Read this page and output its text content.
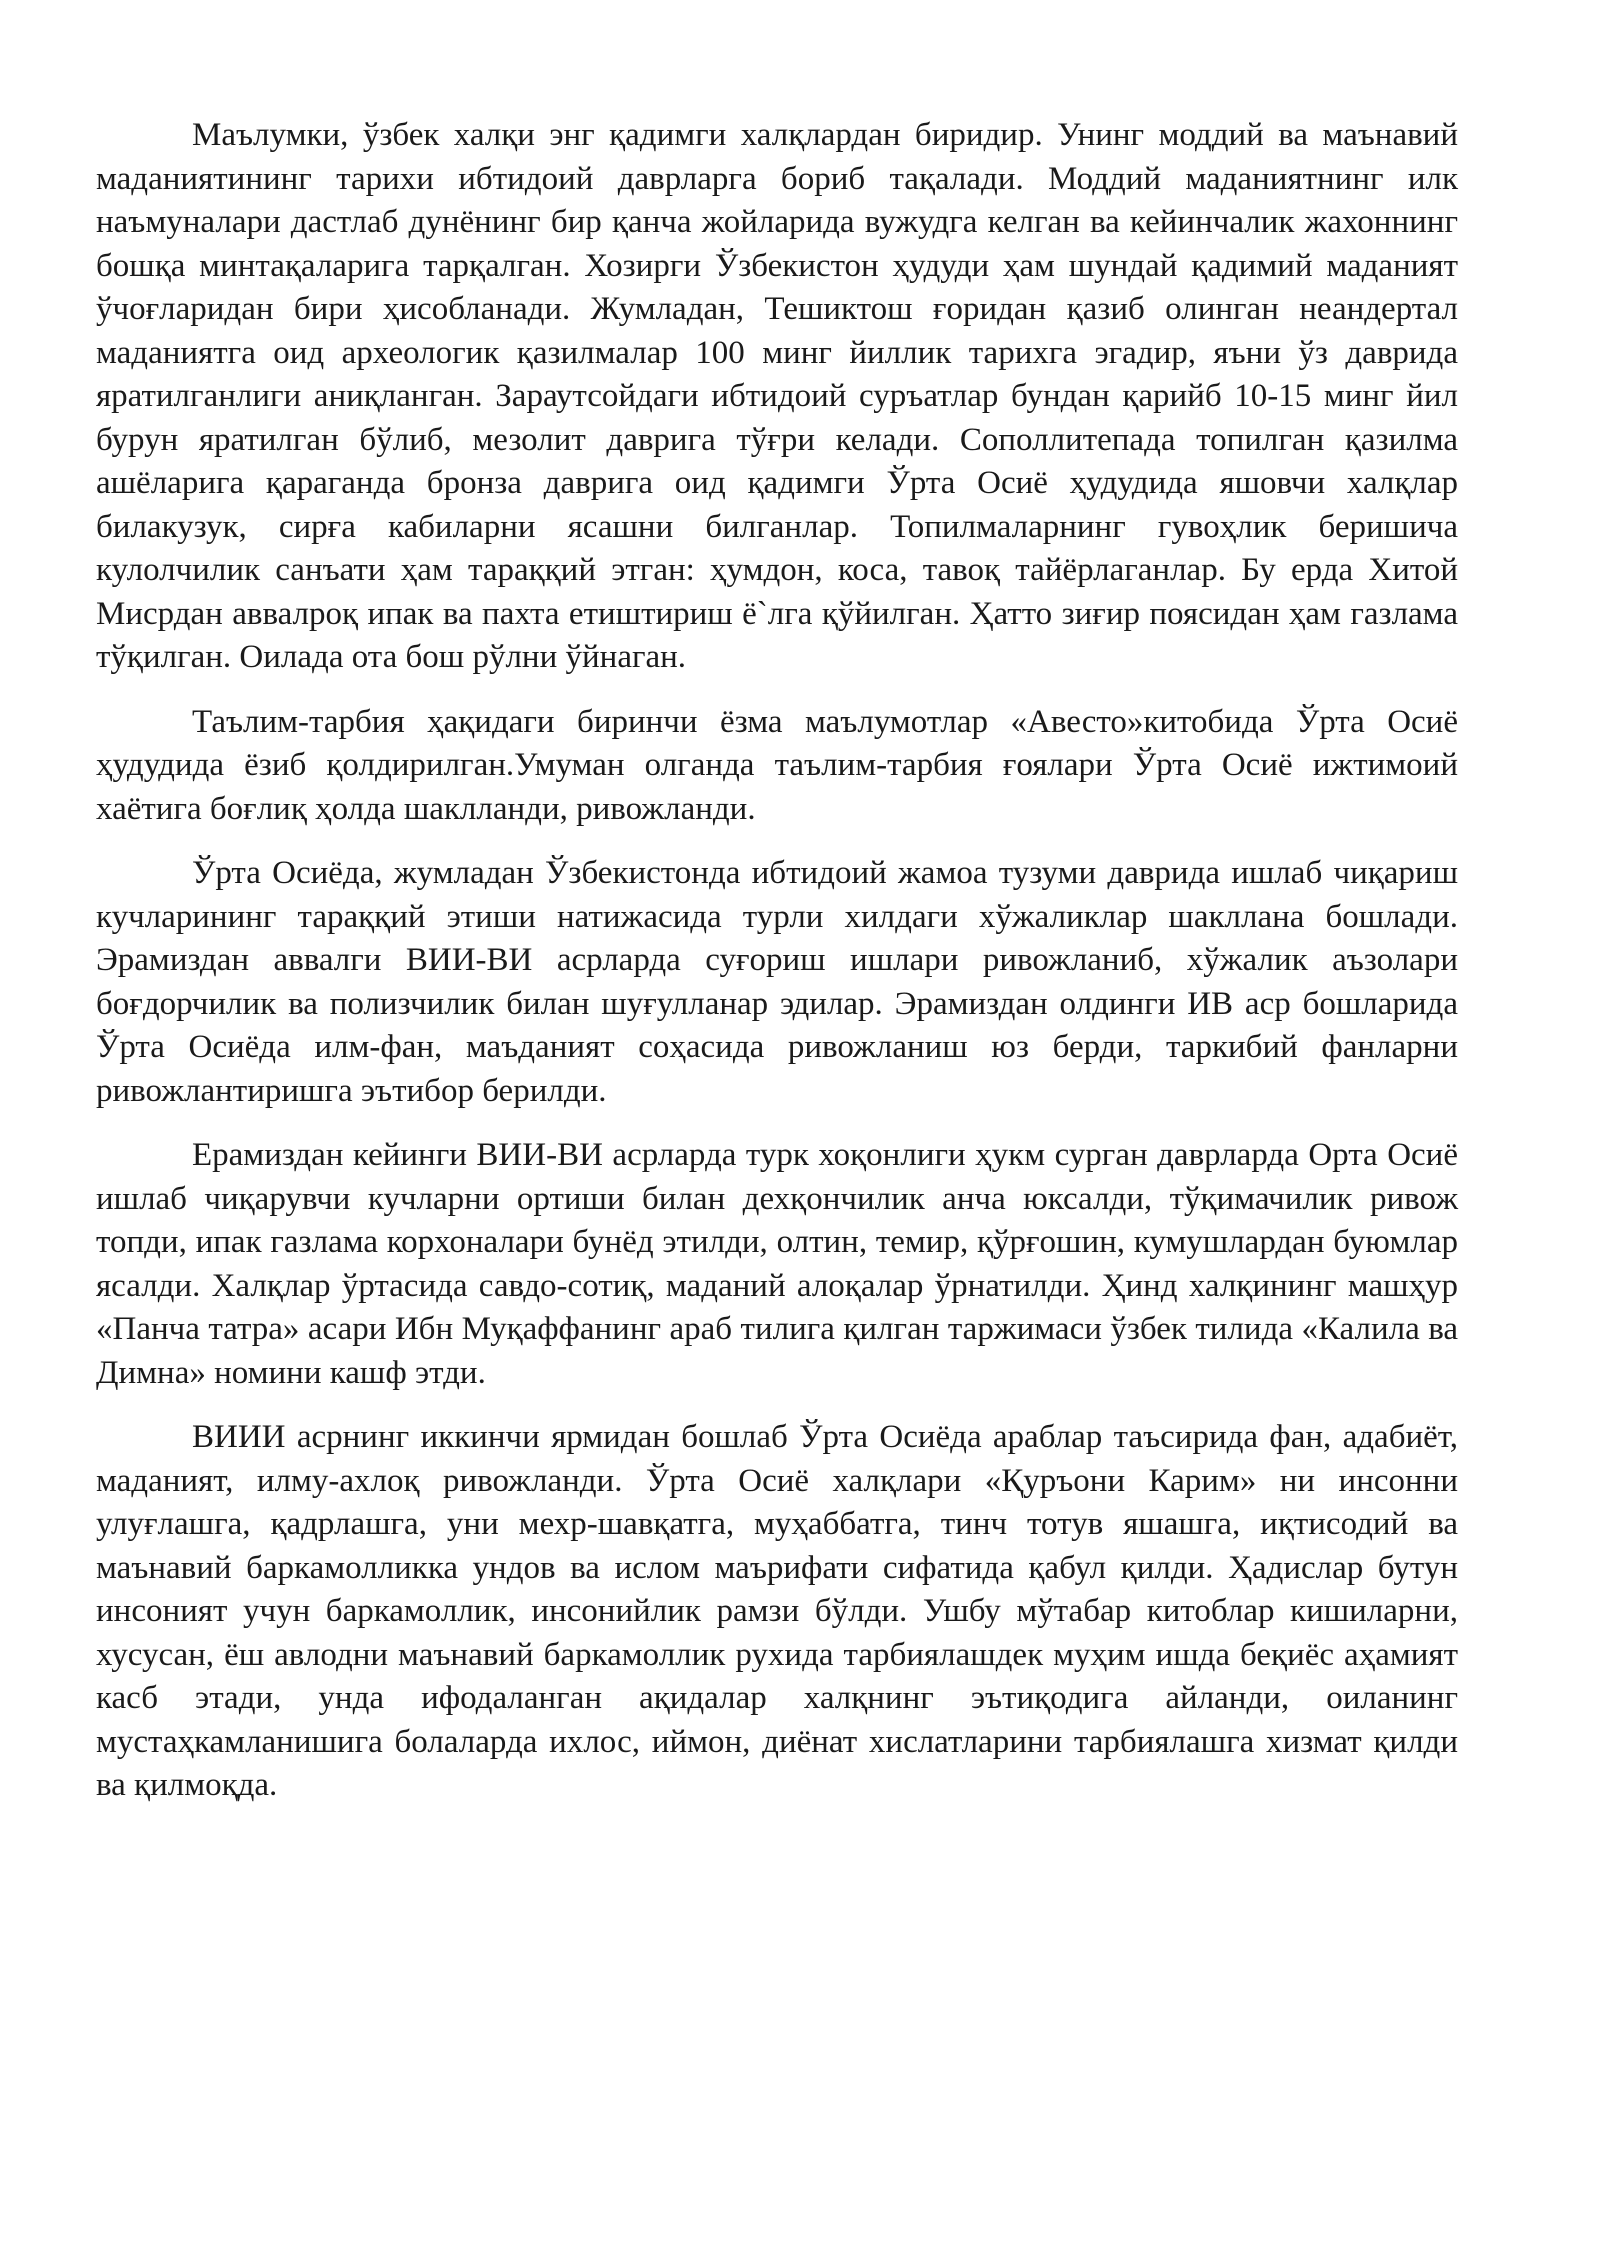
Маълумки, ўзбек халқи энг қадимги халқлардан биридир. Унинг моддий ва маънавий маданиятининг тарихи ибтидоий даврларга бориб тақалади. Моддий маданиятнинг илк наъмуналари дастлаб дунёнинг бир қанча жойларида вужудга келган ва кейинчалик жахоннинг бошқа минтақаларига тарқалган. Хозирги Ўзбекистон ҳудуди ҳам шундай қадимий маданият ўчоғларидан бири ҳисобланади. Жумладан, Тешиктош ғоридан қазиб олинган неандертал маданиятга оид археологик қазилмалар 100 минг йиллик тарихга эгадир, яъни ўз даврида яратилганлиги аниқланган. Зараутсойдаги ибтидоий суръатлар бундан қарийб 10-15 минг йил бурун яратилган бўлиб, мезолит даврига тўғри келади. Сополлитепада топилган қазилма ашёларига қараганда бронза даврига оид қадимги Ўрта Осиё ҳудудида яшовчи халқлар билакузук, сирға кабиларни ясашни билганлар. Топилмаларнинг гувоҳлик беришича кулолчилик санъати ҳам тараққий этган: ҳумдон, коса, тавоқ тайёрлаганлар. Бу ерда Хитой Мисрдан аввалроқ ипак ва пахта етиштириш ё`лга қўйилган. Ҳатто зиғир поясидан ҳам газлама тўқилган. Оилада ота бош рўлни ўйнаган.

Таълим-тарбия ҳақидаги биринчи ёзма маълумотлар «Авесто»китобида Ўрта Осиё ҳудудида ёзиб қолдирилган.Умуман олганда таълим-тарбия ғоялари Ўрта Осиё ижтимоий хаётига боғлиқ ҳолда шаклланди, ривожланди.

Ўрта Осиёда, жумладан Ўзбекистонда ибтидоий жамоа тузуми даврида ишлаб чиқариш кучларининг тараққий этиши натижасида турли хилдаги хўжаликлар шакллана бошлади. Эрамиздан аввалги ВИИ-ВИ асрларда суғориш ишлари ривожланиб, хўжалик аъзолари боғдорчилик ва полизчилик билан шуғулланар эдилар. Эрамиздан олдинги ИВ аср бошларида Ўрта Осиёда илм-фан, маъданият соҳасида ривожланиш юз берди, таркибий фанларни ривожлантиришга эътибор берилди.

Ерамиздан кейинги ВИИ-ВИ асрларда турк хоқонлиги ҳукм сурган даврларда Орта Осиё ишлаб чиқарувчи кучларни ортиши билан дехқончилик анча юксалди, тўқимачилик ривож топди, ипак газлама корхоналари бунёд этилди, олтин, темир, қўрғошин, кумушлардан буюмлар ясалди. Халқлар ўртасида савдо-сотиқ, маданий алоқалар ўрнатилди. Ҳинд халқининг машҳур «Панча татра» асари Ибн Муқаффанинг араб тилига қилган таржимаси ўзбек тилида «Калила ва Димна» номини кашф этди.

ВИИИ асрнинг иккинчи ярмидан бошлаб Ўрта Осиёда араблар таъсирида фан, адабиёт, маданият, илму-ахлоқ ривожланди. Ўрта Осиё халқлари «Қуръони Карим» ни инсонни улуғлашга, қадрлашга, уни мехр-шавқатга, муҳаббатга, тинч тотув яшашга, иқтисодий ва маънавий баркамолликка ундов ва ислом маърифати сифатида қабул қилди. Ҳадислар бутун инсоният учун баркамоллик, инсонийлик рамзи бўлди. Ушбу мўтабар китоблар кишиларни, хусусан, ёш авлодни маънавий баркамоллик рухида тарбиялашдек муҳим ишда беқиёс аҳамият касб этади, унда ифодаланган ақидалар халқнинг эътиқодига айланди, оиланинг мустаҳкамланишига болаларда ихлос, иймон, диёнат хислатларини тарбиялашга хизмат қилди ва қилмоқда.
